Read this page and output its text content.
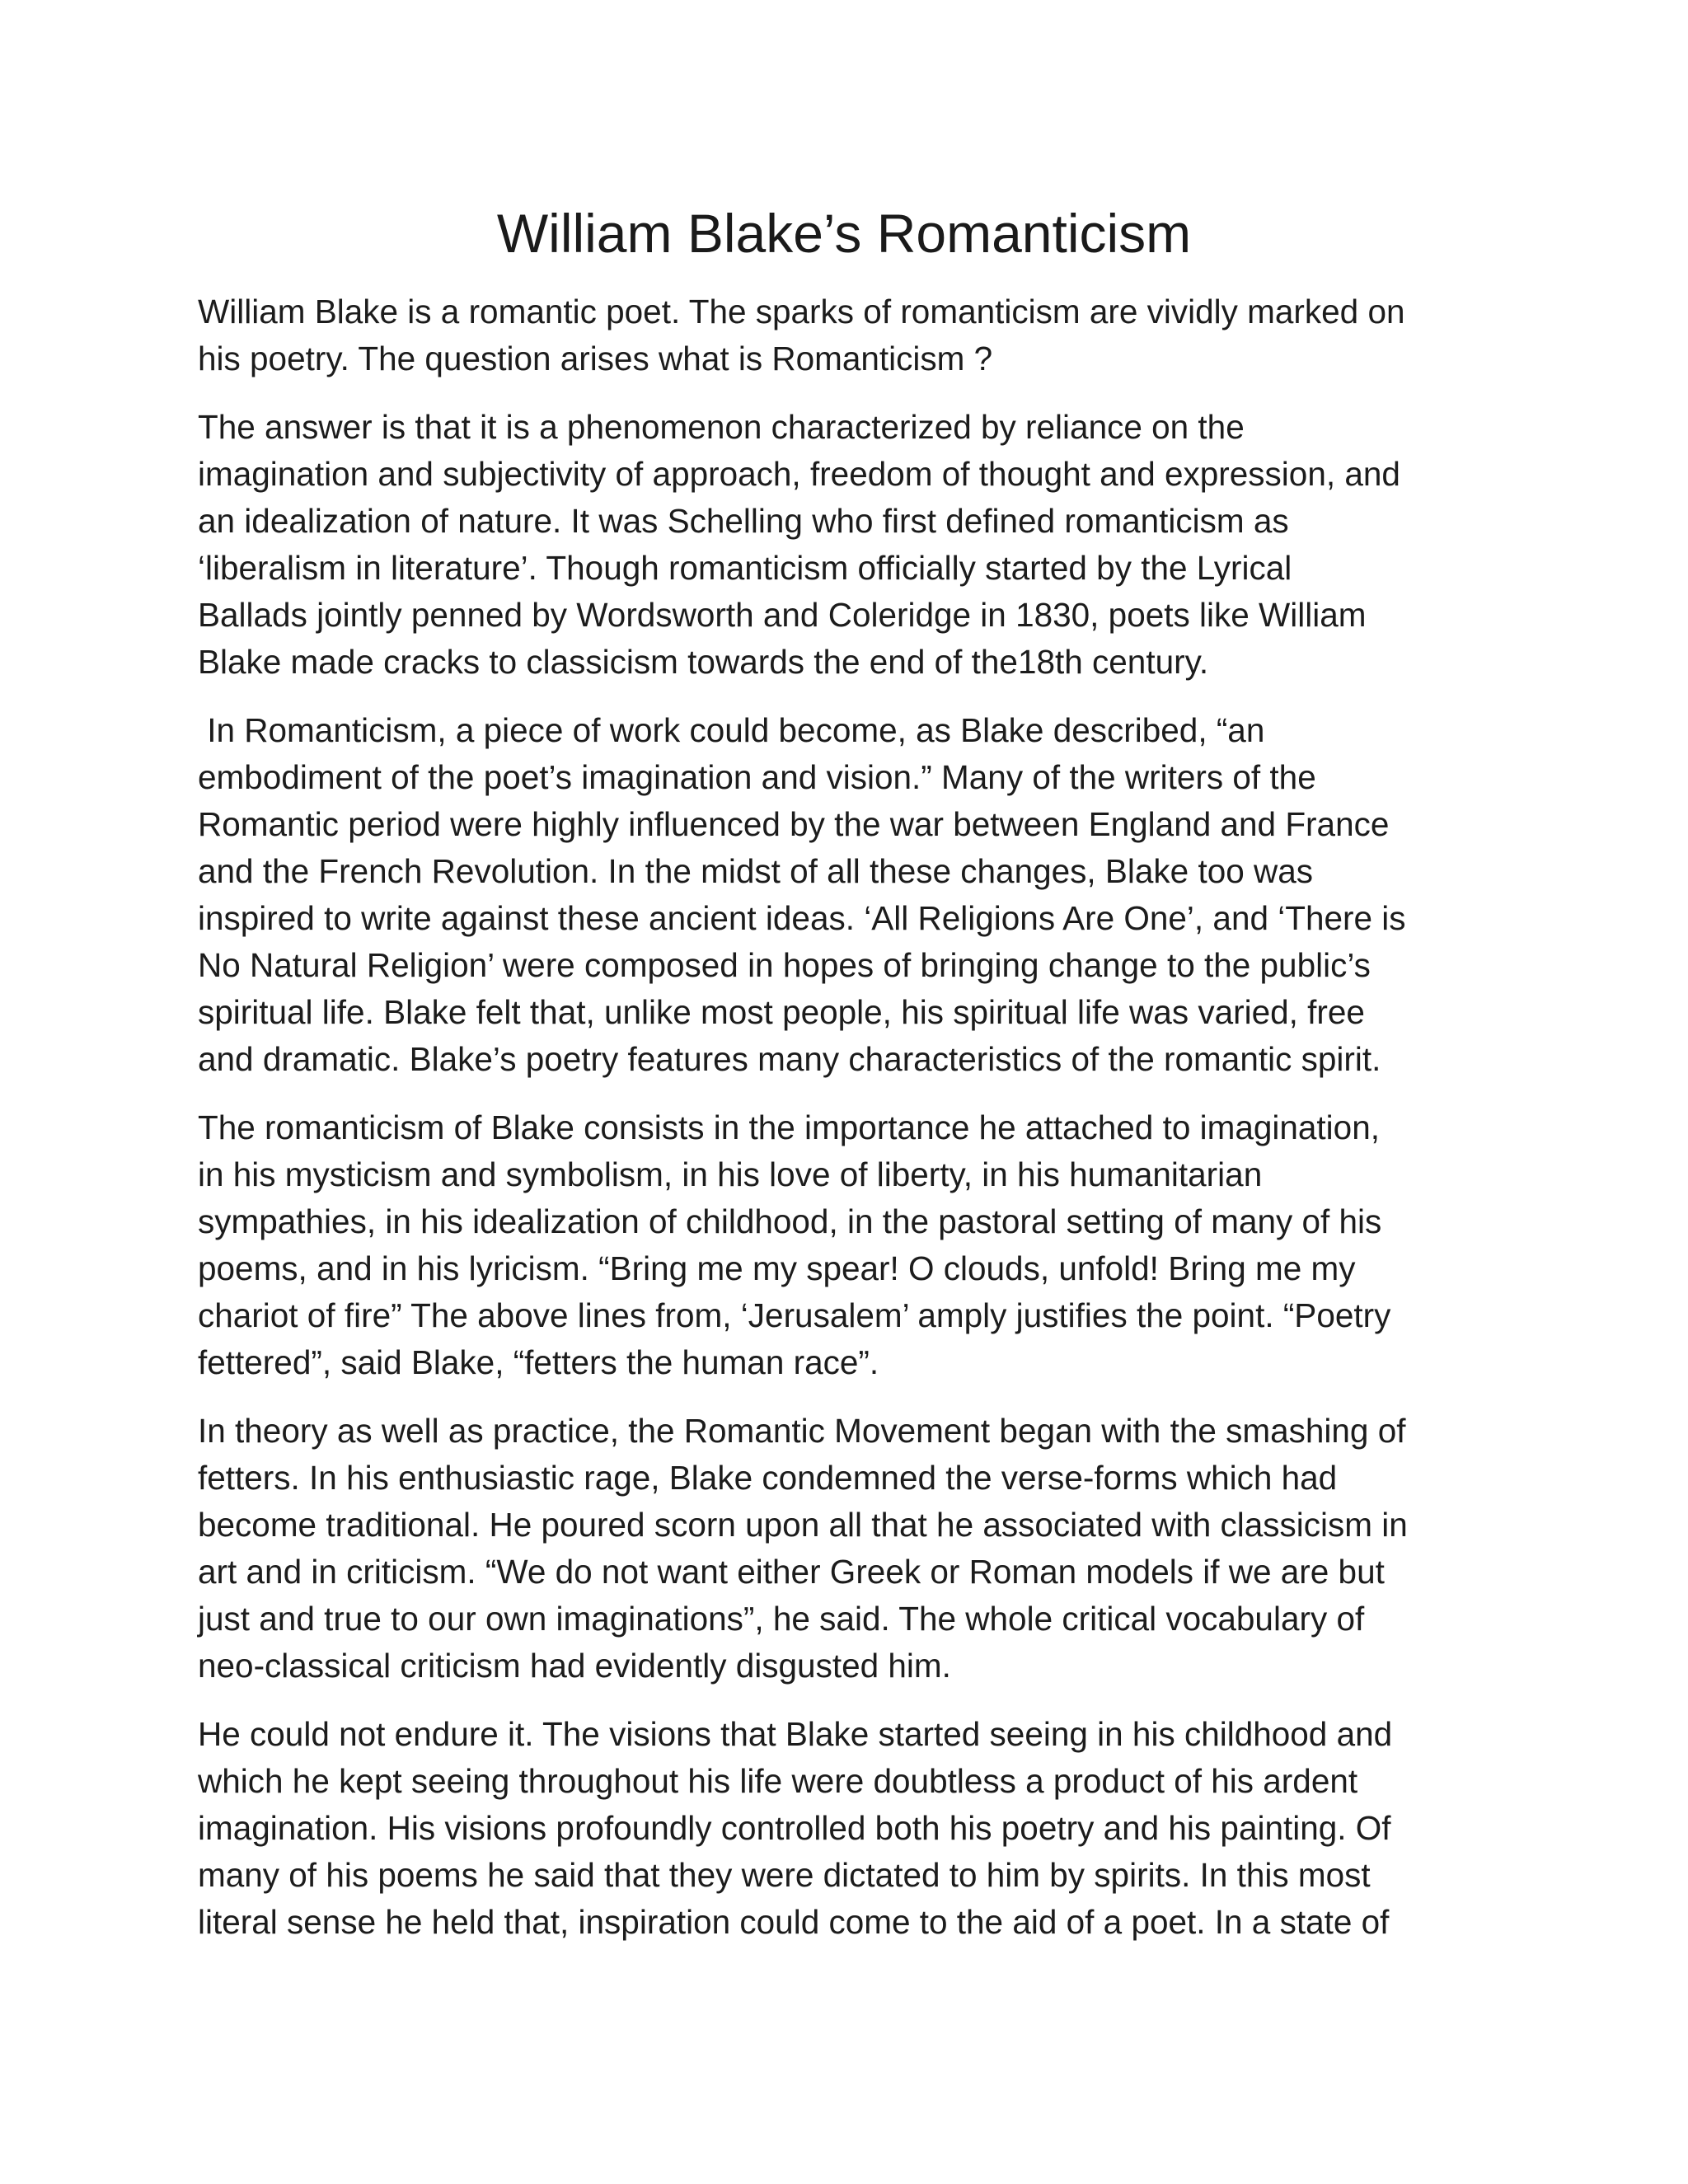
William Blake’s Romanticism

William Blake is a romantic poet. The sparks of romanticism are vividly marked on
his poetry. The question arises what is Romanticism ?

The answer is that it is a phenomenon characterized by reliance on the
imagination and subjectivity of approach, freedom of thought and expression, and
an idealization of nature. It was Schelling who first defined romanticism as
‘liberalism in literature’. Though romanticism officially started by the Lyrical
Ballads jointly penned by Wordsworth and Coleridge in 1830, poets like William
Blake made cracks to classicism towards the end of the18th century.

In Romanticism, a piece of work could become, as Blake described, “an
embodiment of the poet’s imagination and vision.” Many of the writers of the
Romantic period were highly influenced by the war between England and France
and the French Revolution. In the midst of all these changes, Blake too was
inspired to write against these ancient ideas. ‘All Religions Are One’, and ‘There is
No Natural Religion’ were composed in hopes of bringing change to the public’s
spiritual life. Blake felt that, unlike most people, his spiritual life was varied, free
and dramatic. Blake’s poetry features many characteristics of the romantic spirit.

The romanticism of Blake consists in the importance he attached to imagination,
in his mysticism and symbolism, in his love of liberty, in his humanitarian
sympathies, in his idealization of childhood, in the pastoral setting of many of his
poems, and in his lyricism. “Bring me my spear! O clouds, unfold! Bring me my
chariot of fire” The above lines from, ‘Jerusalem’ amply justifies the point. “Poetry
fettered”, said Blake, “fetters the human race”.

In theory as well as practice, the Romantic Movement began with the smashing of
fetters. In his enthusiastic rage, Blake condemned the verse-forms which had
become traditional. He poured scorn upon all that he associated with classicism in
art and in criticism. “We do not want either Greek or Roman models if we are but
just and true to our own imaginations”, he said. The whole critical vocabulary of
neo-classical criticism had evidently disgusted him.

He could not endure it. The visions that Blake started seeing in his childhood and
which he kept seeing throughout his life were doubtless a product of his ardent
imagination. His visions profoundly controlled both his poetry and his painting. Of
many of his poems he said that they were dictated to him by spirits. In this most
literal sense he held that, inspiration could come to the aid of a poet. In a state of
